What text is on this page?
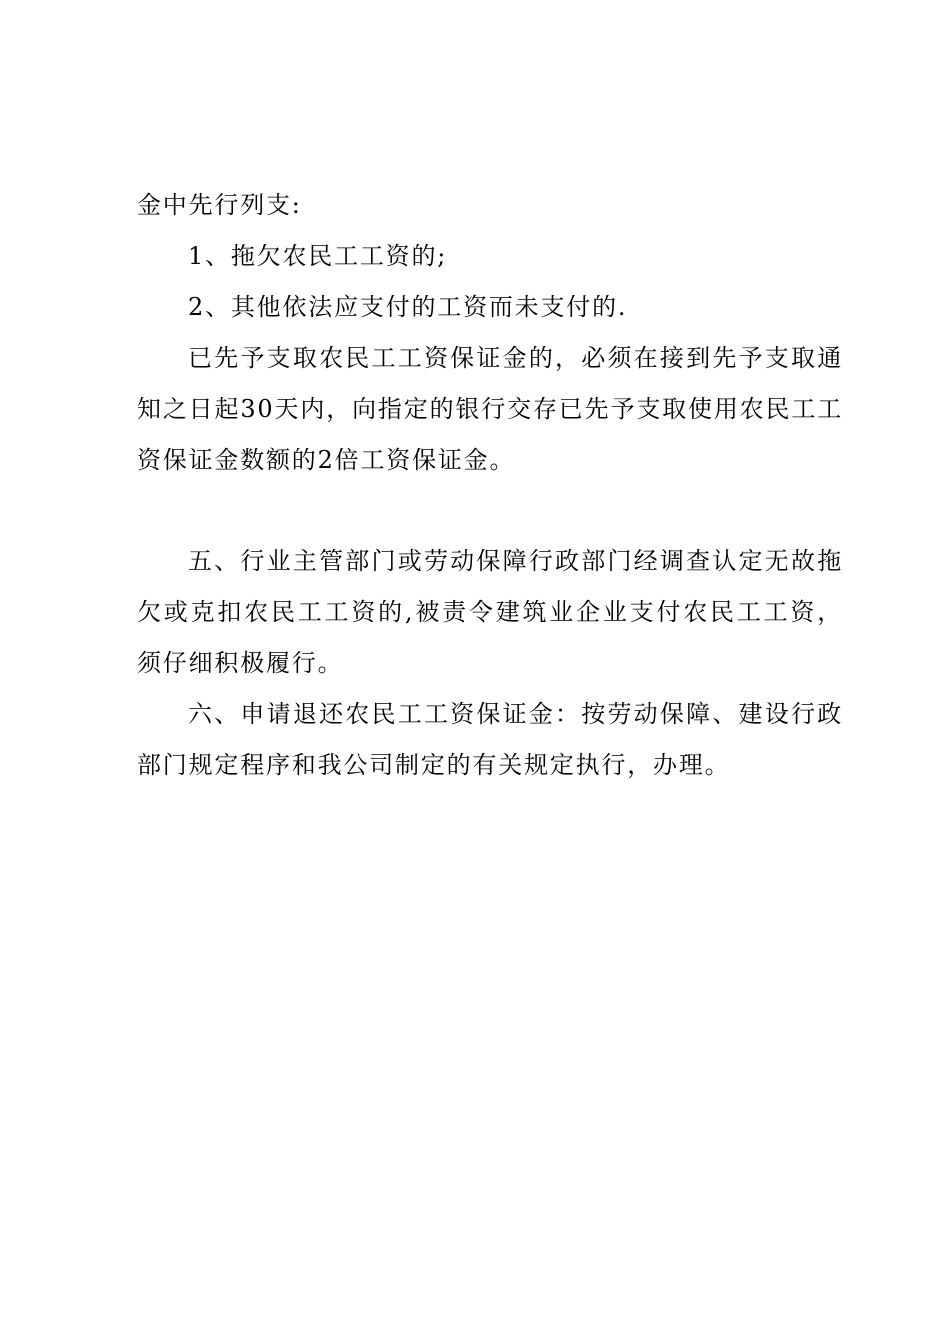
金中先行列支:

1、拖欠农民工工资的;

2、其他依法应支付的工资而未支付的.

已先予支取农民工工资保证金的，必须在接到先予支取通知之日起30天内，向指定的银行交存已先予支取使用农民工工资保证金数额的2倍工资保证金。

五、行业主管部门或劳动保障行政部门经调查认定无故拖欠或克扣农民工工资的,被责令建筑业企业支付农民工工资，须仔细积极履行。

六、申请退还农民工工资保证金：按劳动保障、建设行政部门规定程序和我公司制定的有关规定执行，办理。
